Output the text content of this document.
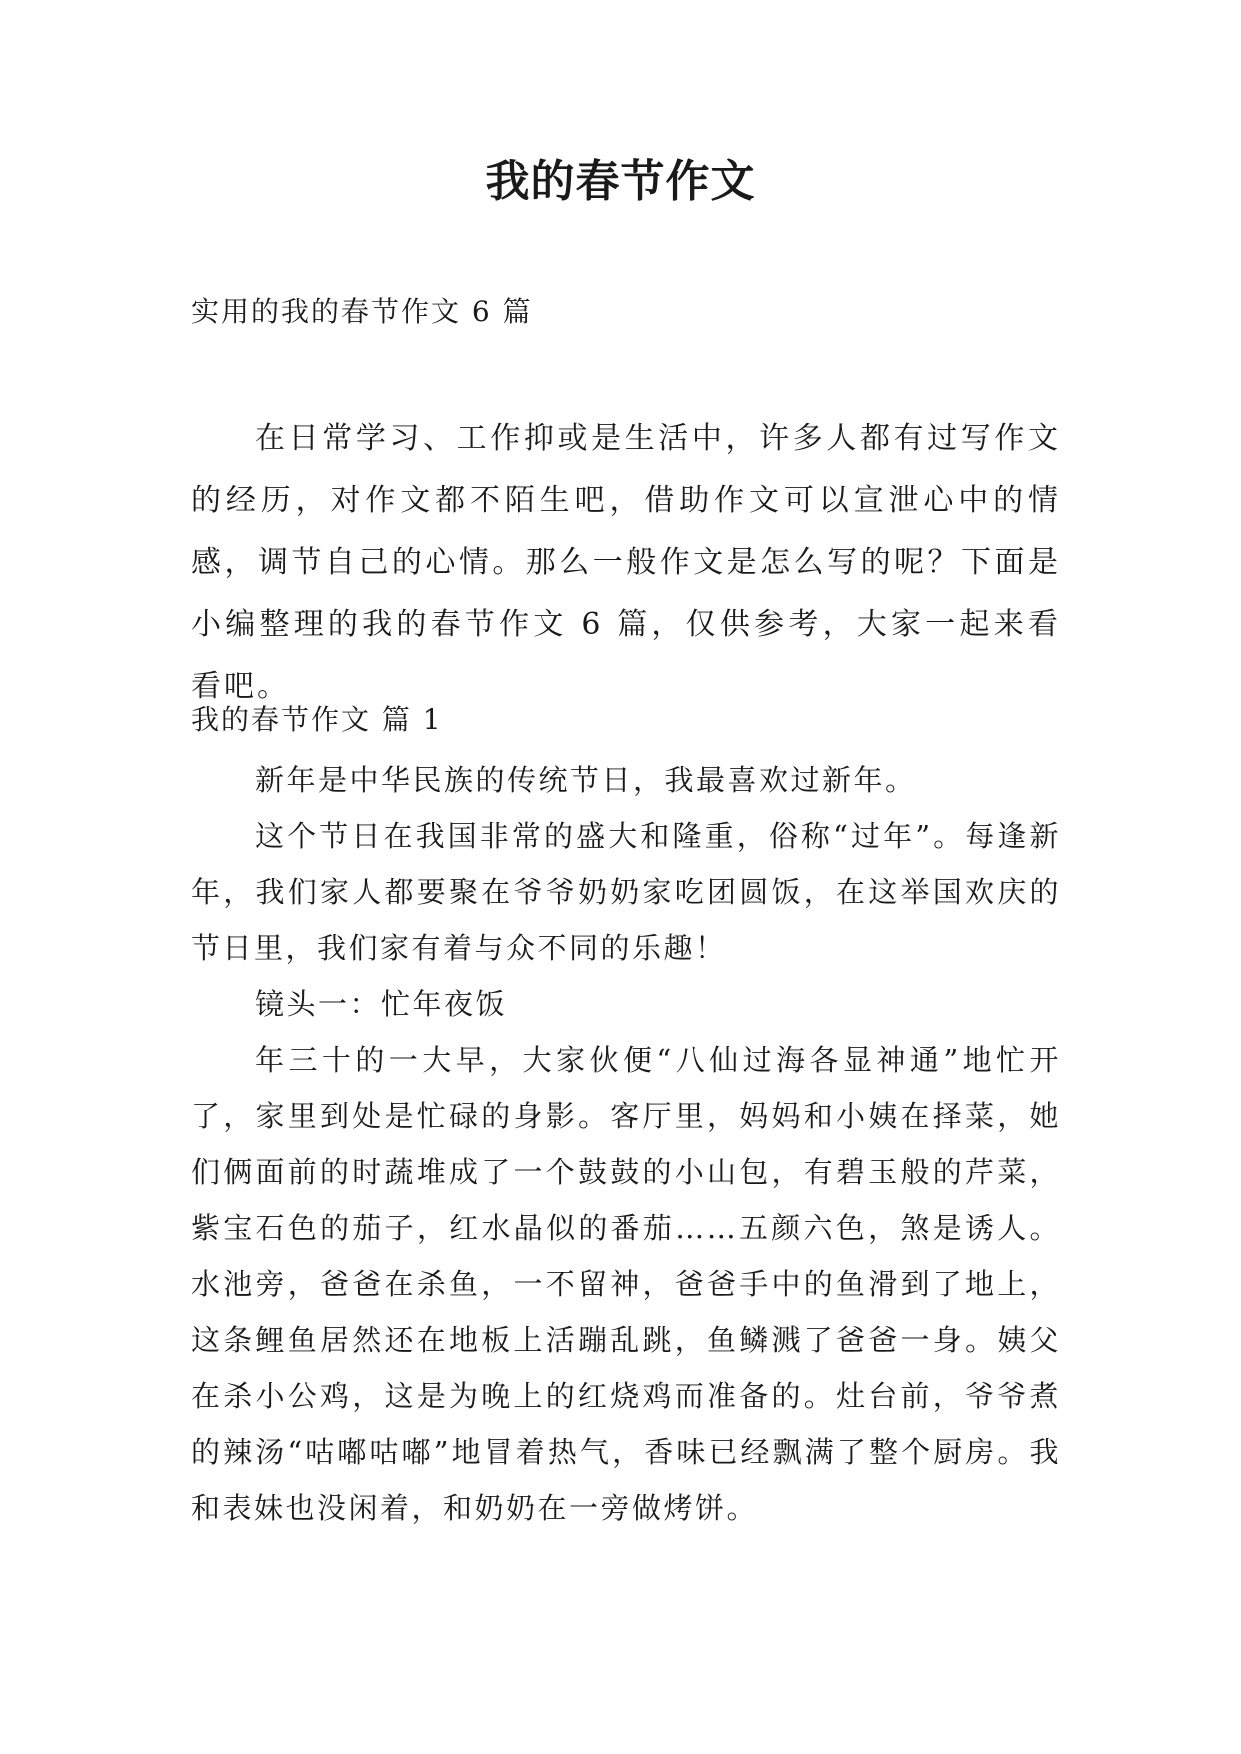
我的春节作文
实用的我的春节作文 6 篇

在日常学习、工作抑或是生活中，许多人都有过写作文的经历，对作文都不陌生吧，借助作文可以宣泄心中的情感，调节自己的心情。那么一般作文是怎么写的呢？下面是小编整理的我的春节作文 6 篇，仅供参考，大家一起来看看吧。

我的春节作文 篇 1

新年是中华民族的传统节日，我最喜欢过新年。

这个节日在我国非常的盛大和隆重，俗称“过年”。每逢新年，我们家人都要聚在爷爷奶奶家吃团圆饭，在这举国欢庆的节日里，我们家有着与众不同的乐趣！

镜头一：忙年夜饭

年三十的一大早，大家伙便“八仙过海各显神通”地忙开了，家里到处是忙碌的身影。客厅里，妈妈和小姨在择菜，她们俩面前的时蔬堆成了一个鼓鼓的小山包，有碧玉般的芹菜，紫宝石色的茄子，红水晶似的番茄……五颜六色，煞是诱人。水池旁，爸爸在杀鱼，一不留神，爸爸手中的鱼滑到了地上，这条鲤鱼居然还在地板上活蹦乱跳，鱼鳞溅了爸爸一身。姨父在杀小公鸡，这是为晚上的红烧鸡而准备的。灶台前，爷爷煮的辣汤“咕嘟咕嘟”地冒着热气，香味已经飘满了整个厨房。我和表妹也没闲着，和奶奶在一旁做烤饼。
